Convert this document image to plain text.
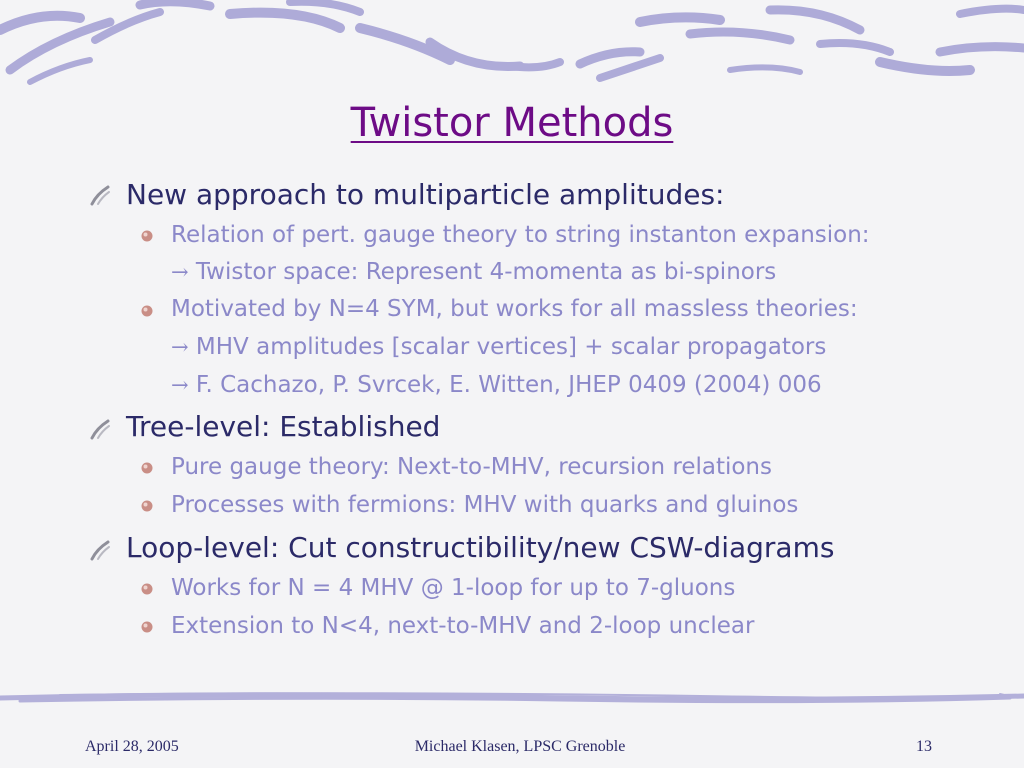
Twistor Methods
New approach to multiparticle amplitudes:
Relation of pert. gauge theory to string instanton expansion:
→ Twistor space: Represent 4-momenta as bi-spinors
Motivated by N=4 SYM, but works for all massless theories:
→ MHV amplitudes [scalar vertices] + scalar propagators
→ F. Cachazo, P. Svrcek, E. Witten, JHEP 0409 (2004) 006
Tree-level: Established
Pure gauge theory: Next-to-MHV, recursion relations
Processes with fermions: MHV with quarks and gluinos
Loop-level: Cut constructibility/new CSW-diagrams
Works for N = 4 MHV @ 1-loop for up to 7-gluons
Extension to N<4, next-to-MHV and 2-loop unclear
April 28, 2005	Michael Klasen, LPSC Grenoble	13
